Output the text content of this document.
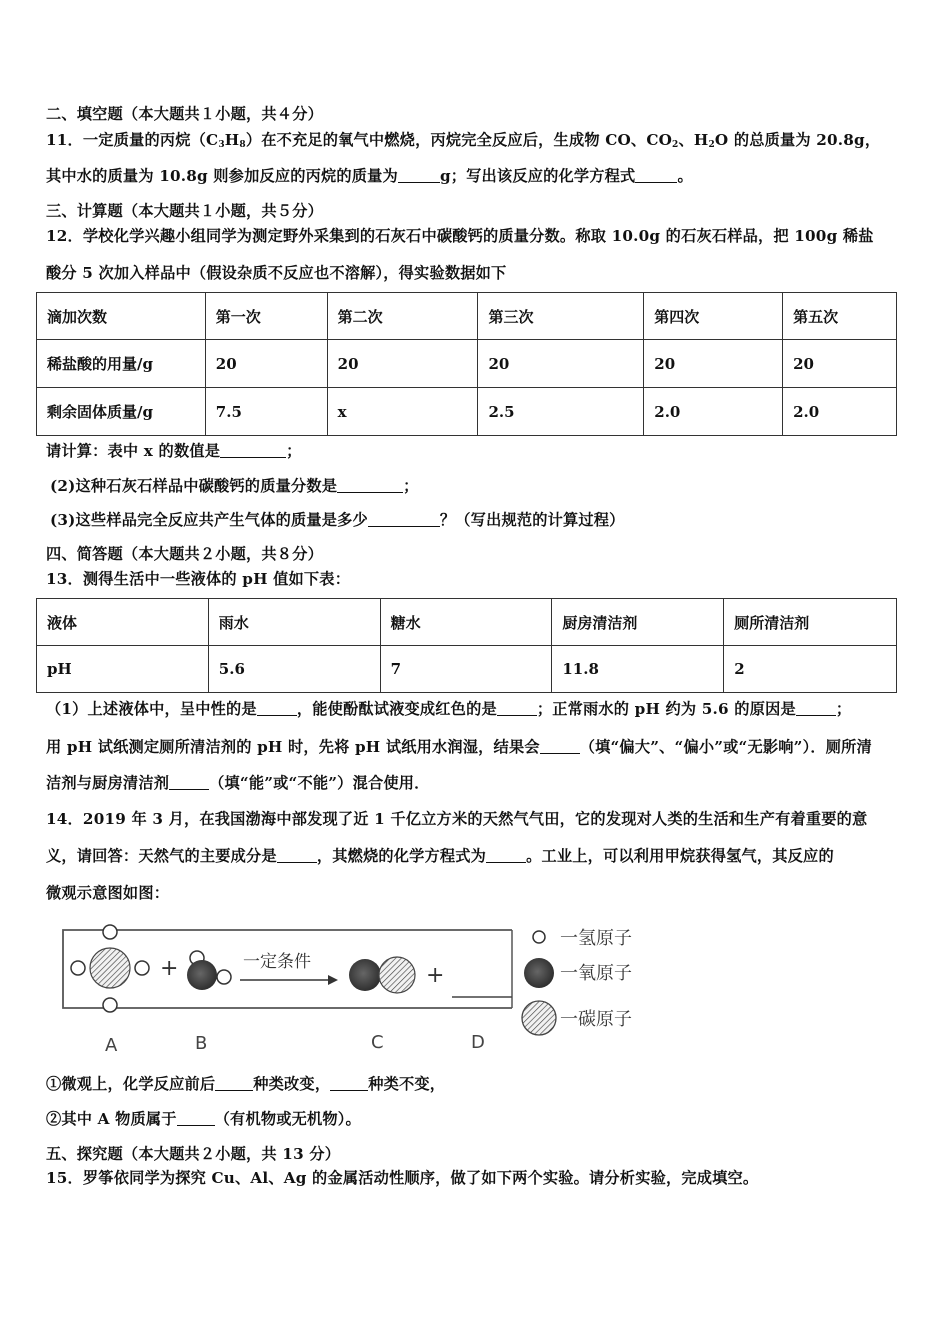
二、填空题（本大题共１小题，共４分）
11．一定质量的丙烷$(C_3H_8)$在不充足的氧气中燃烧，丙烷完全反应后，生成物 CO、$CO_2$、$H_2O$ 的总质量为 20.8g，
其中水的质量为 10.8g 则参加反应的丙烷的质量为	g；写出该反应的化学方程式	。
三、计算题（本大题共１小题，共５分）
12．学校化学兴趣小组同学为测定野外采集到的石灰石中碳酸钙的质量分数。称取 10.0g 的石灰石样品，把 100g 稀盐
酸分 5 次加入样品中（假设杂质不反应也不溶解），得实验数据如下
滴加次数	第一次	第二次	第三次	第四次	第五次
稀盐酸的用量/g	20	20	20	20	20
剩余固体质量/g	7.5	x	2.5	2.0	2.0
请计算：表中 x 的数值是	；
(2)这种石灰石样品中碳酸钙的质量分数是	；
(3)这些样品完全反应共产生气体的质量是多少	？（写出规范的计算过程）
四、简答题（本大题共２小题，共８分）
13．测得生活中一些液体的 pH 值如下表：
液体	雨水	糖水	厨房清洁剂	厕所清洁剂
pH	5.6	7	11.8	2
（1）上述液体中，呈中性的是	，能使酚酞试液变成红色的是	；正常雨水的 pH 约为 5.6 的原因是	；
用 pH 试纸测定厕所清洁剂的 pH 时，先将 pH 试纸用水润湿，结果会	（填“偏大”、“偏小”或“无影响”）．厕所清
洁剂与厨房清洁剂	（填“能”或“不能”）混合使用．
14．2019 年 3 月，在我国渤海中部发现了近 1 千亿立方米的天然气气田，它的发现对人类的生活和生产有着重要的意
义，请回答：天然气的主要成分是	，其燃烧的化学方程式为	。工业上，可以利用甲烷获得氢气，其反应的
微观示意图如图：
+	一定条件
+
A	B	C	D
一氢原子
一氧原子
一碳原子
①微观上，化学反应前后	种类改变，	种类不变，
②其中 A 物质属于	（有机物或无机物）。
五、探究题（本大题共２小题，共 13 分）
15．罗筝依同学为探究 Cu、Al、Ag 的金属活动性顺序，做了如下两个实验。请分析实验，完成填空。
